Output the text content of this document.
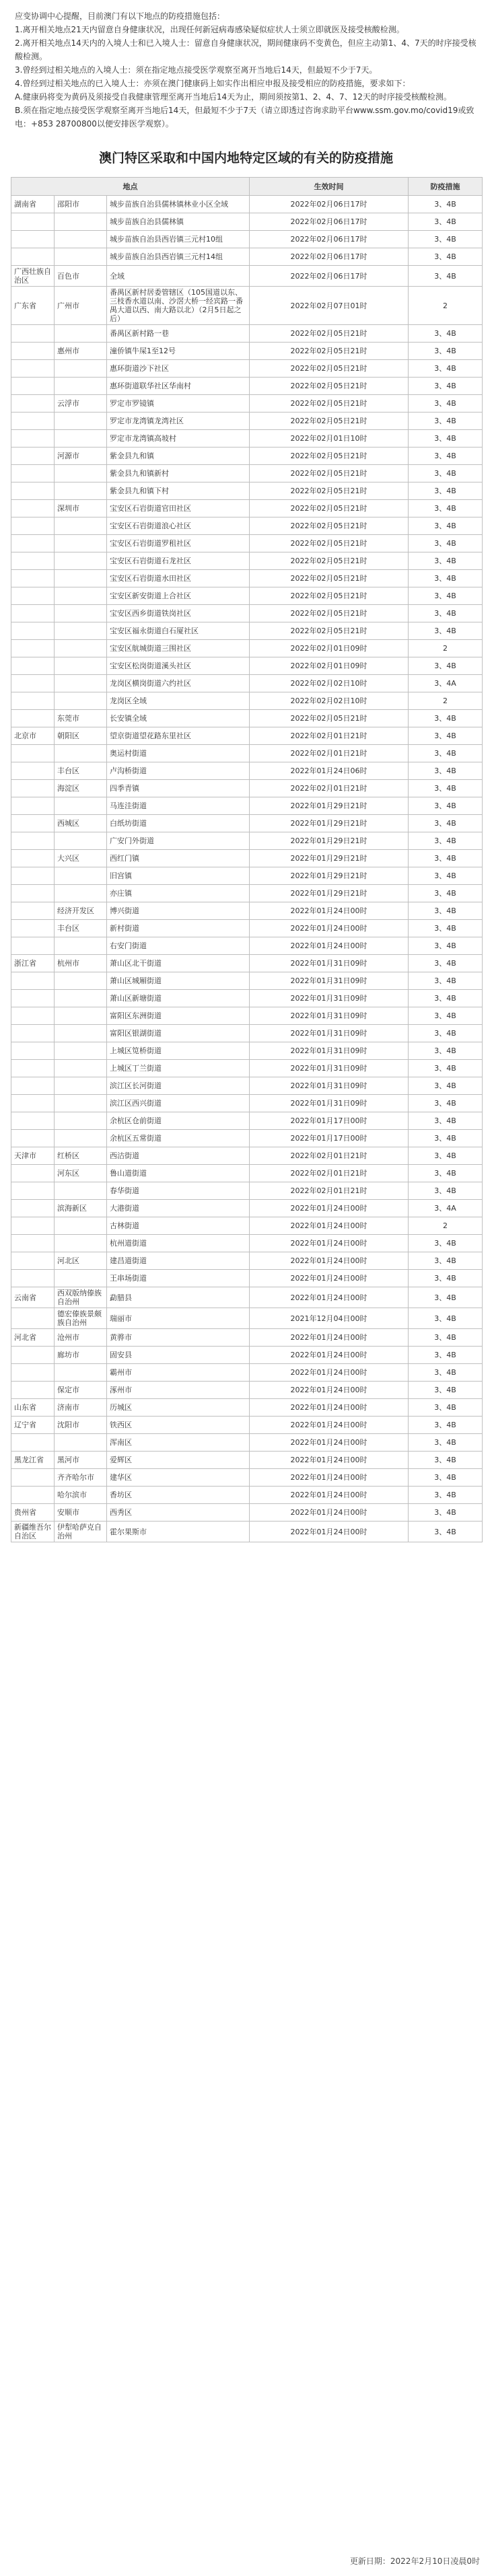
应变协调中心提醒，目前澳门有以下地点的防疫措施包括：

1.离开相关地点21天内留意自身健康状况，出现任何新冠病毒感染疑似症状人士须立即就医及接受核酸检测。

2.离开相关地点14天内的入境人士和已入境人士：留意自身健康状况，期间健康码不变黄色，但应主动第1、4、7天的时序接受核酸检测。

3.曾经到过相关地点的入境人士：须在指定地点接受医学观察至离开当地后14天，但最短不少于7天。

4.曾经到过相关地点的已入境人士：亦须在澳门健康码上如实作出相应申报及接受相应的防疫措施，要求如下：

A.健康码将变为黄码及须接受自我健康管理至离开当地后14天为止，期间须按第1、2、4、7、12天的时序接受核酸检测。

B.须在指定地点接受医学观察至离开当地后14天，但最短不少于7天（请立即透过咨询求助平台www.ssm.gov.mo/covid19或致电：+853 28700800以便安排医学观察）。

澳门特区采取和中国内地特定区域的有关的防疫措施
地点			生效时间	防疫措施
湖南省	邵阳市	城步苗族自治县儒林镇林业小区全域	2022年02月06日17时	3、4B
		城步苗族自治县儒林镇	2022年02月06日17时	3、4B
		城步苗族自治县西岩镇三元村10组	2022年02月06日17时	3、4B
		城步苗族自治县西岩镇三元村14组	2022年02月06日17时	3、4B
广西壮族自治区	百色市	全域	2022年02月06日17时	3、4B
广东省	广州市	番禺区新村居委管辖区（105国道以东、三枝香水道以南、沙滘大桥一经宾路一番禺大道以西、南大路以北）（2月5日起之后）	2022年02月07日01时	2
		番禺区新村路一巷	2022年02月05日21时	3、4B
	惠州市	潼侨镇牛屎1至12号	2022年02月05日21时	3、4B
		惠环街道沙下社区	2022年02月05日21时	3、4B
		惠环街道联华社区华南村	2022年02月05日21时	3、4B
	云浮市	罗定市罗镜镇	2022年02月05日21时	3、4B
		罗定市龙湾镇龙湾社区	2022年02月05日21时	3、4B
		罗定市龙湾镇高坡村	2022年02月01日10时	3、4B
	河源市	紫金县九和镇	2022年02月05日21时	3、4B
		紫金县九和镇新村	2022年02月05日21时	3、4B
		紫金县九和镇下村	2022年02月05日21时	3、4B
	深圳市	宝安区石岩街道官田社区	2022年02月05日21时	3、4B
		宝安区石岩街道浪心社区	2022年02月05日21时	3、4B
		宝安区石岩街道罗租社区	2022年02月05日21时	3、4B
		宝安区石岩街道石龙社区	2022年02月05日21时	3、4B
		宝安区石岩街道水田社区	2022年02月05日21时	3、4B
		宝安区新安街道上合社区	2022年02月05日21时	3、4B
		宝安区西乡街道铁岗社区	2022年02月05日21时	3、4B
		宝安区福永街道白石厦社区	2022年02月05日21时	3、4B
		宝安区航城街道三围社区	2022年02月01日09时	2
		宝安区松岗街道溪头社区	2022年02月01日09时	3、4B
		龙岗区横岗街道六约社区	2022年02月02日10时	3、4A
		龙岗区全域	2022年02月02日10时	2
	东莞市	长安镇全域	2022年02月05日21时	3、4B
北京市	朝阳区	望京街道望花路东里社区	2022年02月01日21时	3、4B
		奥运村街道	2022年02月01日21时	3、4B
	丰台区	卢沟桥街道	2022年01月24日06时	3、4B
	海淀区	四季青镇	2022年02月01日21时	3、4B
		马连洼街道	2022年01月29日21时	3、4B
	西城区	白纸坊街道	2022年01月29日21时	3、4B
		广安门外街道	2022年01月29日21时	3、4B
	大兴区	西红门镇	2022年01月29日21时	3、4B
		旧宫镇	2022年01月29日21时	3、4B
		亦庄镇	2022年01月29日21时	3、4B
	经济开发区	博兴街道	2022年01月24日00时	3、4B
	丰台区	新村街道	2022年01月24日00时	3、4B
		右安门街道	2022年01月24日00时	3、4B
浙江省	杭州市	萧山区北干街道	2022年01月31日09时	3、4B
		萧山区城厢街道	2022年01月31日09时	3、4B
		萧山区新塘街道	2022年01月31日09时	3、4B
		富阳区东洲街道	2022年01月31日09时	3、4B
		富阳区银湖街道	2022年01月31日09时	3、4B
		上城区笕桥街道	2022年01月31日09时	3、4B
		上城区丁兰街道	2022年01月31日09时	3、4B
		滨江区长河街道	2022年01月31日09时	3、4B
		滨江区西兴街道	2022年01月31日09时	3、4B
		余杭区仓前街道	2022年01月17日00时	3、4B
		余杭区五常街道	2022年01月17日00时	3、4B
天津市	红桥区	西沽街道	2022年02月01日21时	3、4B
	河东区	鲁山道街道	2022年02月01日21时	3、4B
		春华街道	2022年02月01日21时	3、4B
	滨海新区	大港街道	2022年01月24日00时	3、4A
		古林街道	2022年01月24日00时	2
		杭州道街道	2022年01月24日00时	3、4B
	河北区	建昌道街道	2022年01月24日00时	3、4B
		王串场街道	2022年01月24日00时	3、4B
云南省	西双版纳傣族自治州	勐腊县	2022年01月24日00时	3、4B
	德宏傣族景颇族自治州	瑞丽市	2021年12月04日00时	3、4B
河北省	沧州市	黄骅市	2022年01月24日00时	3、4B
	廊坊市	固安县	2022年01月24日00时	3、4B
		霸州市	2022年01月24日00时	3、4B
	保定市	涿州市	2022年01月24日00时	3、4B
山东省	济南市	历城区	2022年01月24日00时	3、4B
辽宁省	沈阳市	铁西区	2022年01月24日00时	3、4B
		浑南区	2022年01月24日00时	3、4B
黑龙江省	黑河市	爱辉区	2022年01月24日00时	3、4B
	齐齐哈尔市	建华区	2022年01月24日00时	3、4B
	哈尔滨市	香坊区	2022年01月24日00时	3、4B
贵州省	安顺市	西秀区	2022年01月24日00时	3、4B
新疆维吾尔自治区	伊犁哈萨克自治州	霍尔果斯市	2022年01月24日00时	3、4B
更新日期：2022年2月10日凌晨0时
